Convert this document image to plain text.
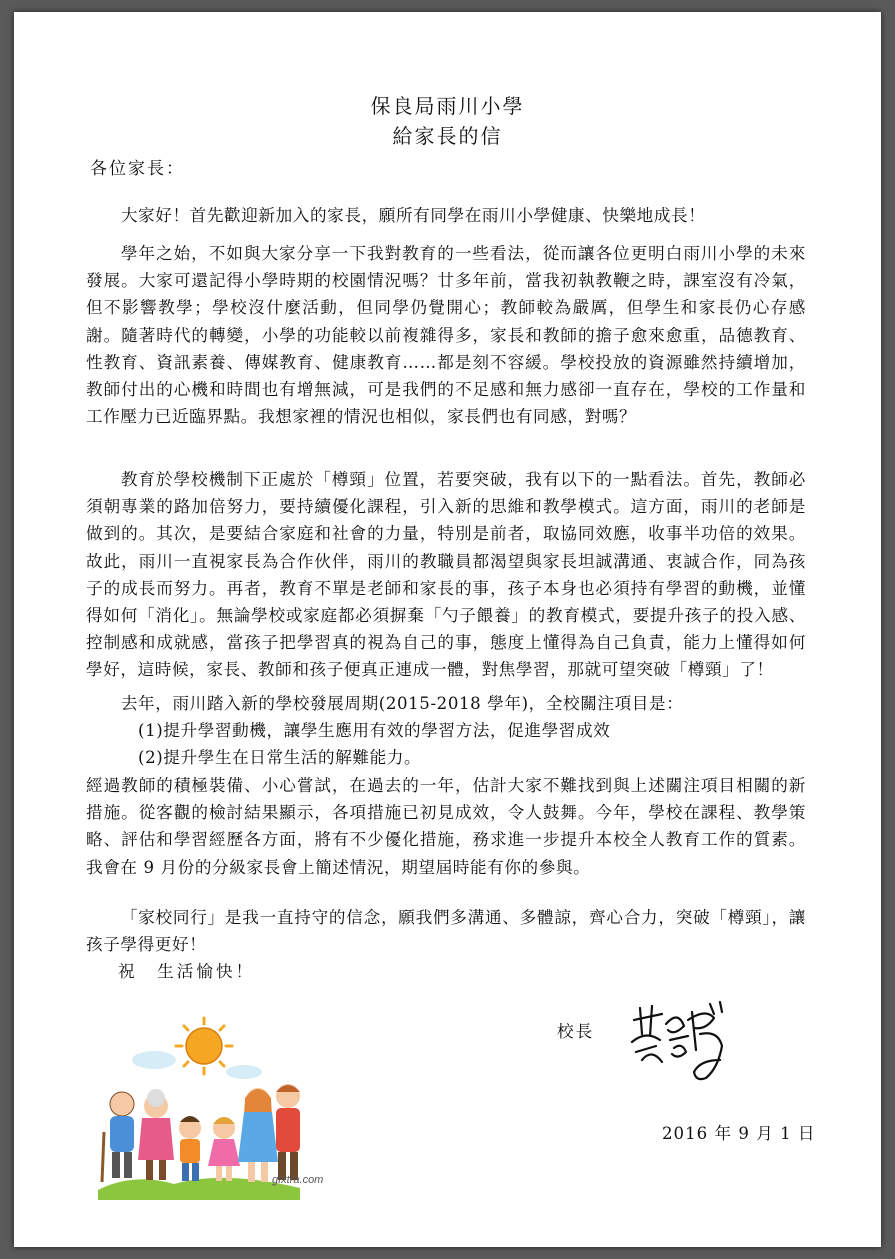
保良局雨川小學
給家長的信
各位家長：

大家好！首先歡迎新加入的家長，願所有同學在雨川小學健康、快樂地成長！

學年之始，不如與大家分享一下我對教育的一些看法，從而讓各位更明白雨川小學的未來發展。大家可還記得小學時期的校園情況嗎？廿多年前，當我初執教鞭之時，課室沒有冷氣，但不影響教學；學校沒什麼活動，但同學仍覺開心；教師較為嚴厲，但學生和家長仍心存感謝。隨著時代的轉變，小學的功能較以前複雜得多，家長和教師的擔子愈來愈重，品德教育、性教育、資訊素養、傳媒教育、健康教育……都是刻不容緩。學校投放的資源雖然持續增加，教師付出的心機和時間也有增無減，可是我們的不足感和無力感卻一直存在，學校的工作量和工作壓力已近臨界點。我想家裡的情況也相似，家長們也有同感，對嗎？

教育於學校機制下正處於「樽頸」位置，若要突破，我有以下的一點看法。首先，教師必須朝專業的路加倍努力，要持續優化課程，引入新的思維和教學模式。這方面，雨川的老師是做到的。其次，是要結合家庭和社會的力量，特別是前者，取協同效應，收事半功倍的效果。故此，雨川一直視家長為合作伙伴，雨川的教職員都渴望與家長坦誠溝通、衷誠合作，同為孩子的成長而努力。再者，教育不單是老師和家長的事，孩子本身也必須持有學習的動機，並懂得如何「消化」。無論學校或家庭都必須摒棄「勺子餵養」的教育模式，要提升孩子的投入感、控制感和成就感，當孩子把學習真的視為自己的事，態度上懂得為自己負責，能力上懂得如何學好，這時候，家長、教師和孩子便真正連成一體，對焦學習，那就可望突破「樽頸」了！

去年，雨川踏入新的學校發展周期(2015-2018 學年)，全校關注項目是：

(1)提升學習動機，讓學生應用有效的學習方法，促進學習成效
(2)提升學生在日常生活的解難能力。

經過教師的積極裝備、小心嘗試，在過去的一年，估計大家不難找到與上述關注項目相關的新措施。從客觀的檢討結果顯示，各項措施已初見成效，令人鼓舞。今年，學校在課程、教學策略、評估和學習經歷各方面，將有不少優化措施，務求進一步提升本校全人教育工作的質素。我會在 9 月份的分級家長會上簡述情況，期望屆時能有你的參與。

「家校同行」是我一直持守的信念，願我們多溝通、多體諒，齊心合力，突破「樽頸」，讓孩子學得更好！

祝　生活愉快！
校長
2016 年 9 月 1 日
gfxtra.com
